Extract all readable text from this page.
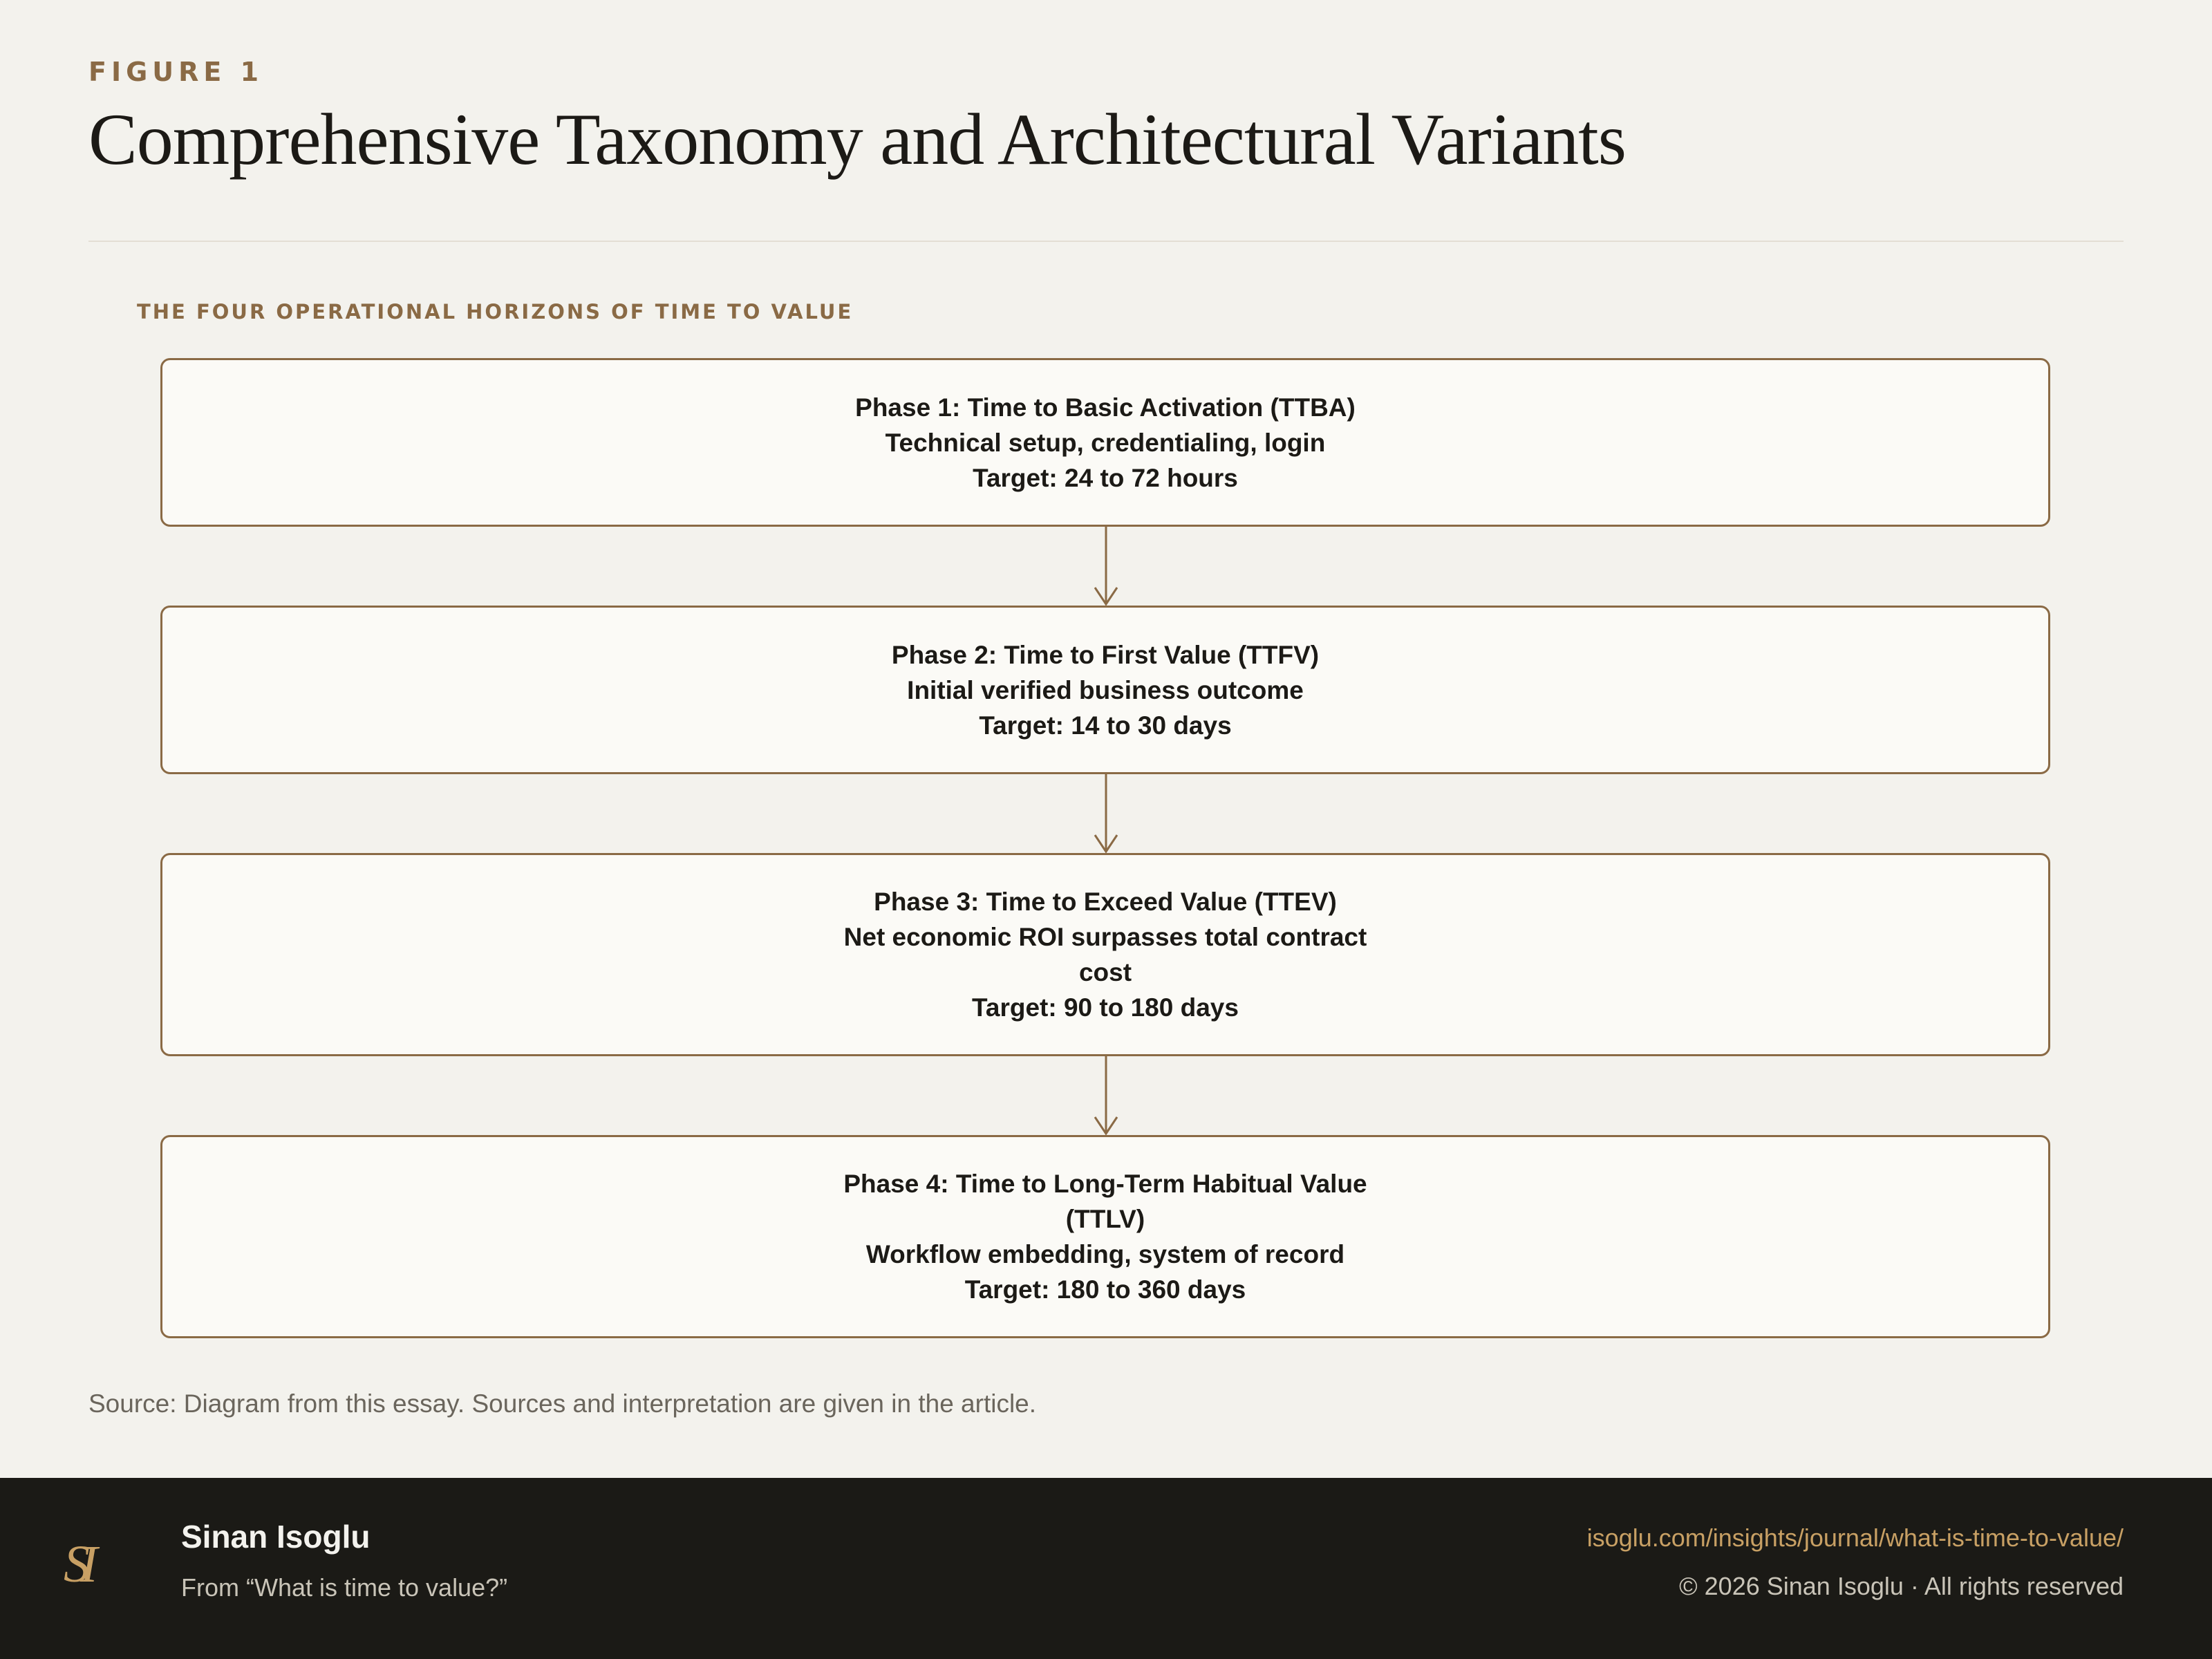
FIGURE 1
Comprehensive Taxonomy and Architectural Variants
THE FOUR OPERATIONAL HORIZONS OF TIME TO VALUE
Phase 1: Time to Basic Activation (TTBA)
Technical setup, credentialing, login
Target: 24 to 72 hours
Phase 2: Time to First Value (TTFV)
Initial verified business outcome
Target: 14 to 30 days
Phase 3: Time to Exceed Value (TTEV)
Net economic ROI surpasses total contract cost
Target: 90 to 180 days
Phase 4: Time to Long-Term Habitual Value (TTLV)
Workflow embedding, system of record
Target: 180 to 360 days
Source: Diagram from this essay. Sources and interpretation are given in the article.
SI	Sinan Isoglu
From “What is time to value?”
isoglu.com/insights/journal/what-is-time-to-value/
© 2026 Sinan Isoglu · All rights reserved
